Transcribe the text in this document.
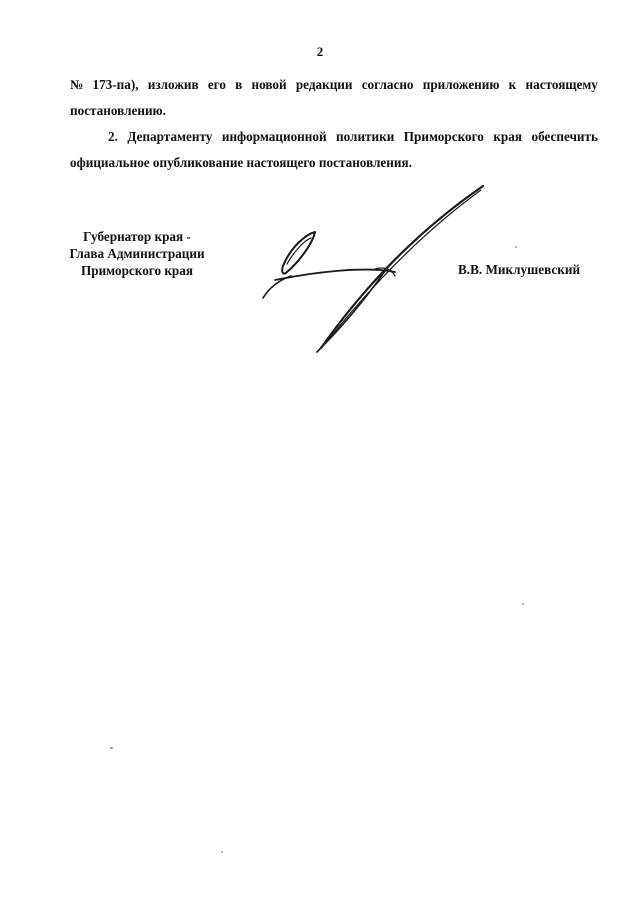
2
№ 173-па), изложив его в новой редакции согласно приложению к настоящему
постановлению.
2. Департаменту информационной политики Приморского края обеспечить
официальное опубликование настоящего постановления.
Губернатор края -
Глава Администрации
Приморского края	В.В. Миклушевский
